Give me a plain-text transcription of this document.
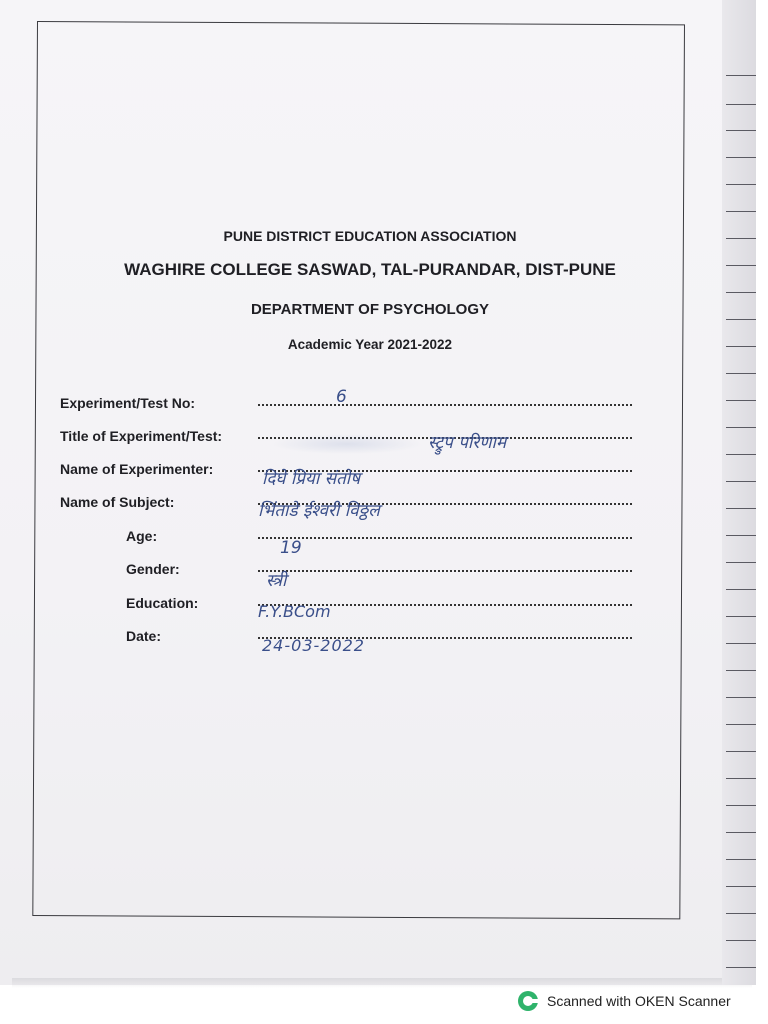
PUNE DISTRICT EDUCATION ASSOCIATION
WAGHIRE COLLEGE SASWAD, TAL-PURANDAR, DIST-PUNE
DEPARTMENT OF PSYCHOLOGY
Academic Year 2021-2022
Experiment/Test No:	6
Title of Experiment/Test:	स्ट्रुप परिणाम
Name of Experimenter:	दिघे प्रिया संतोष
Name of Subject:	भिंताडे ईश्वरी विठ्ठल
Age:
19
Gender:
स्त्री
Education:	F.Y.BCom
Date:	24-03-2022
Scanned with OKEN Scanner
